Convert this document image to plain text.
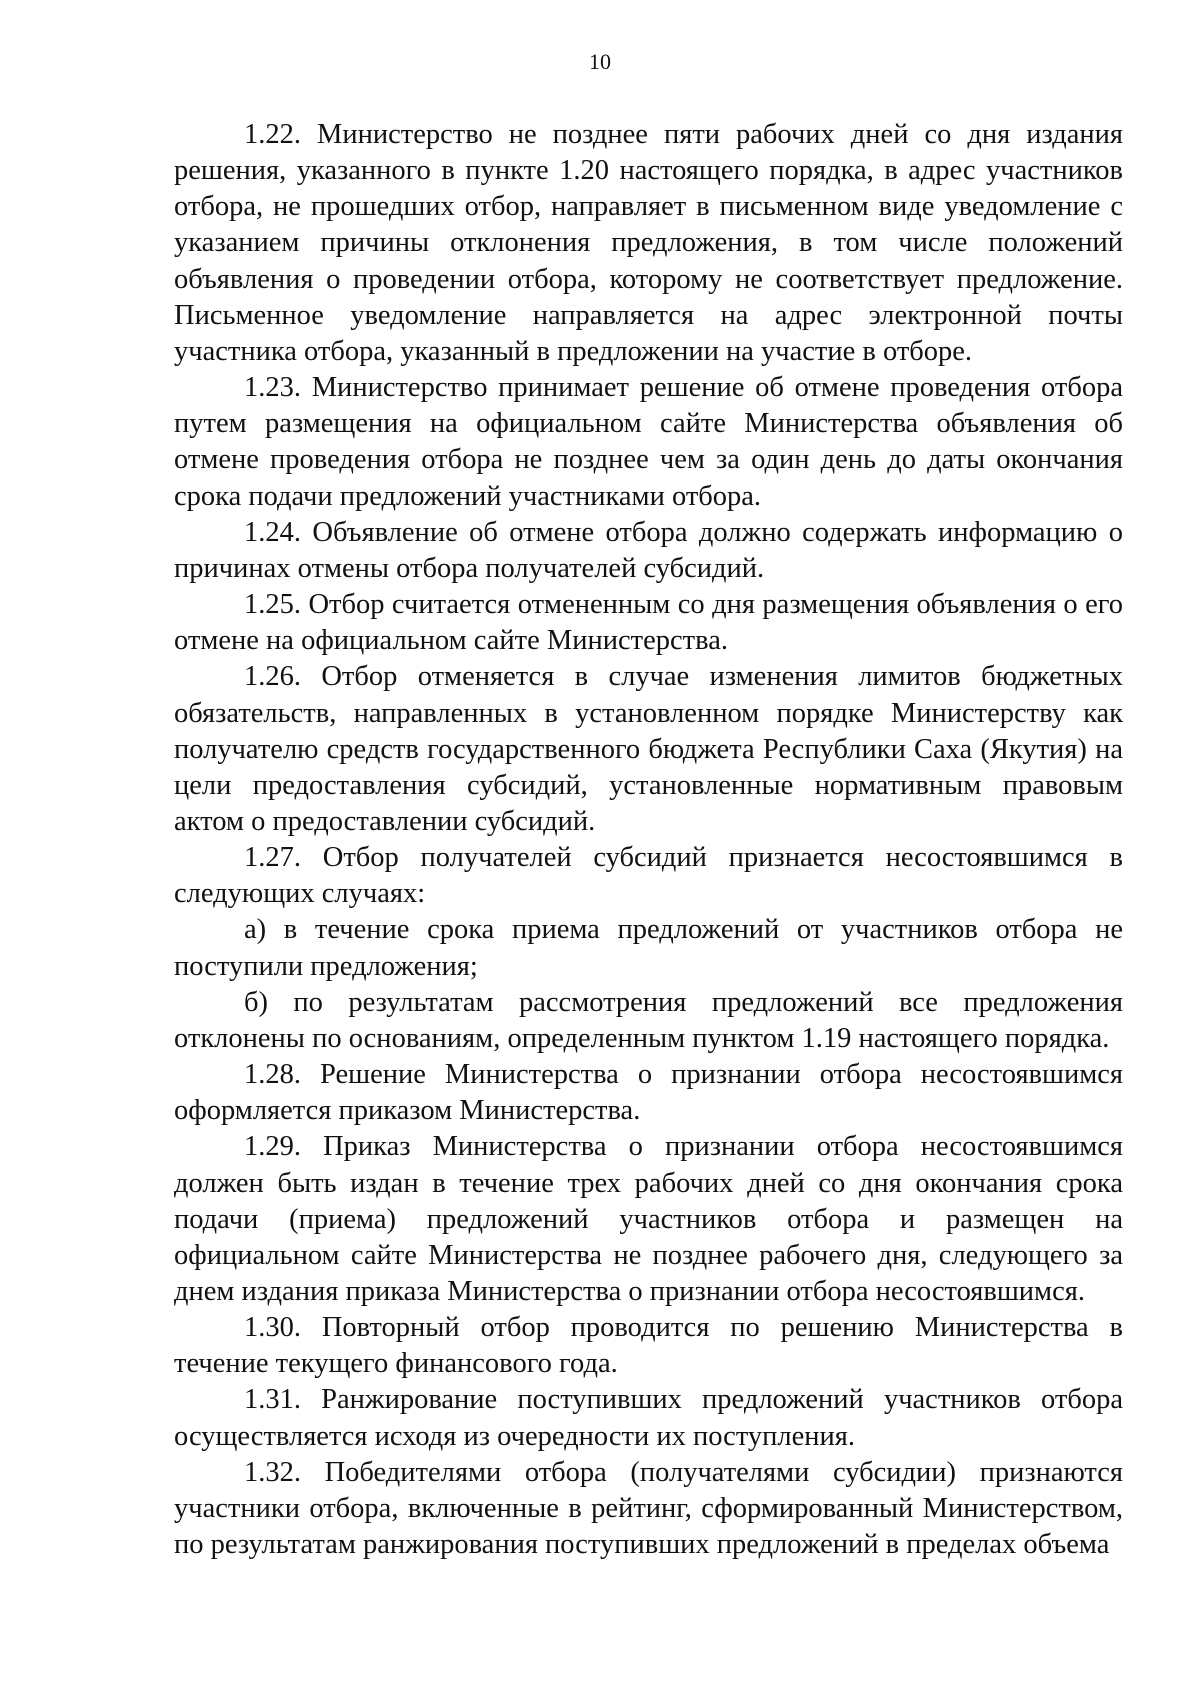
10

1.22. Министерство не позднее пяти рабочих дней со дня издания решения, указанного в пункте 1.20 настоящего порядка, в адрес участников отбора, не прошедших отбор, направляет в письменном виде уведомление с указанием причины отклонения предложения, в том числе положений объявления о проведении отбора, которому не соответствует предложение. Письменное уведомление направляется на адрес электронной почты участника отбора, указанный в предложении на участие в отборе.

1.23. Министерство принимает решение об отмене проведения отбора путем размещения на официальном сайте Министерства объявления об отмене проведения отбора не позднее чем за один день до даты окончания срока подачи предложений участниками отбора.

1.24. Объявление об отмене отбора должно содержать информацию о причинах отмены отбора получателей субсидий.

1.25. Отбор считается отмененным со дня размещения объявления о его отмене на официальном сайте Министерства.

1.26. Отбор отменяется в случае изменения лимитов бюджетных обязательств, направленных в установленном порядке Министерству как получателю средств государственного бюджета Республики Саха (Якутия) на цели предоставления субсидий, установленные нормативным правовым актом о предоставлении субсидий.

1.27. Отбор получателей субсидий признается несостоявшимся в следующих случаях:

а) в течение срока приема предложений от участников отбора не поступили предложения;

б) по результатам рассмотрения предложений все предложения отклонены по основаниям, определенным пунктом 1.19 настоящего порядка.

1.28. Решение Министерства о признании отбора несостоявшимся оформляется приказом Министерства.

1.29. Приказ Министерства о признании отбора несостоявшимся должен быть издан в течение трех рабочих дней со дня окончания срока подачи (приема) предложений участников отбора и размещен на официальном сайте Министерства не позднее рабочего дня, следующего за днем издания приказа Министерства о признании отбора несостоявшимся.

1.30. Повторный отбор проводится по решению Министерства в течение текущего финансового года.

1.31. Ранжирование поступивших предложений участников отбора осуществляется исходя из очередности их поступления.

1.32. Победителями отбора (получателями субсидии) признаются участники отбора, включенные в рейтинг, сформированный Министерством, по результатам ранжирования поступивших предложений в пределах объема
